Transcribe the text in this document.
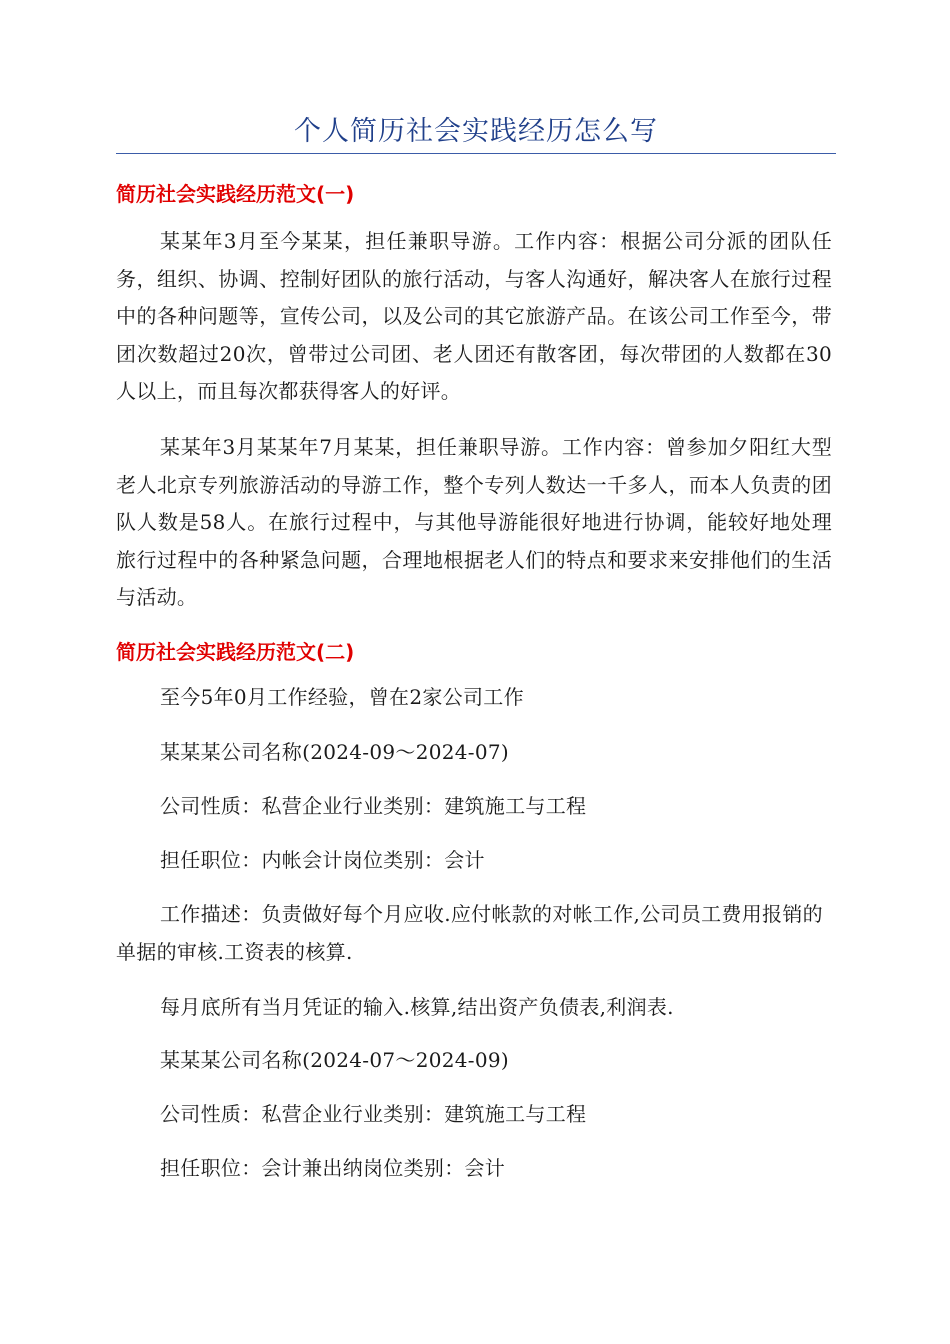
个人简历社会实践经历怎么写
简历社会实践经历范文(一)
某某年3月至今某某，担任兼职导游。工作内容：根据公司分派的团队任务，组织、协调、控制好团队的旅行活动，与客人沟通好，解决客人在旅行过程中的各种问题等，宣传公司，以及公司的其它旅游产品。在该公司工作至今，带团次数超过20次，曾带过公司团、老人团还有散客团，每次带团的人数都在30人以上，而且每次都获得客人的好评。
某某年3月某某年7月某某，担任兼职导游。工作内容：曾参加夕阳红大型老人北京专列旅游活动的导游工作，整个专列人数达一千多人，而本人负责的团队人数是58人。在旅行过程中，与其他导游能很好地进行协调，能较好地处理旅行过程中的各种紧急问题，合理地根据老人们的特点和要求来安排他们的生活与活动。
简历社会实践经历范文(二)
至今5年0月工作经验，曾在2家公司工作
某某某公司名称(2024-09～2024-07)
公司性质：私营企业行业类别：建筑施工与工程
担任职位：内帐会计岗位类别：会计
工作描述：负责做好每个月应收.应付帐款的对帐工作,公司员工费用报销的单据的审核.工资表的核算.
每月底所有当月凭证的输入.核算,结出资产负债表,利润表.
某某某公司名称(2024-07～2024-09)
公司性质：私营企业行业类别：建筑施工与工程
担任职位：会计兼出纳岗位类别：会计
